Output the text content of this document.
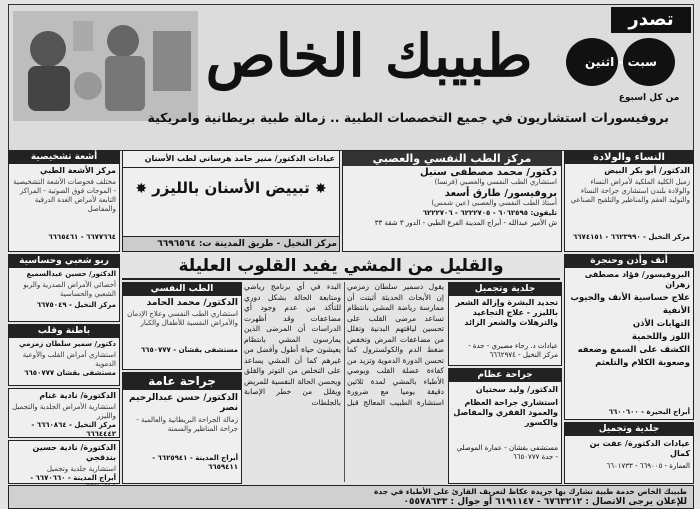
طبيبك الخاص
تصدر
سبت - اثنين
من كل اسبوع
بروفيسورات استشاريون في جميع التخصصات الطبية .. زمالة طبية بريطانية وامريكية
النساء والولادة
الدكتور/ أبو بكر البيض
زميل الكلية الملكية لأمراض النساء والولادة بلندن استشاري جراحة النساء والتوليد العقم والمناظير والتلقيح الصناعي
مركز النخيل - ٦٦٢٣٩٩٠ - ٦٦٧٤١٥١
مركز الطب النفسي والعصبي
دكتور/ محمد مصطفى سنبل
استشاري الطب النفسي والعصبي (فرنسا)
بروفيسور/ طارق أسعد
أستاذ الطب النفسي والعصبي (عين شمس)
تليفون: ٦٠٦٢٥٩٥ - ٦٢٢٢٧٠٥ - ٦٢٢٢٧٠٦
ش الأمير عبدالله - أبراج المدينة الفرع الطبي - الدور ٣ شقة ٣٣
عيادات الدكتور/ منير حامد هرساني لطب الأسنان
✸ تبييض الأسنان بالليزر ✸
مركز النخيل - طريق المدينة ت: ٦٦٩٦٥٦٤
أشعة تشخيصية
مركز الأشعة الطبي
مختلف فحوصات الأشعة التشخيصية - الموجات فوق الصوتية - المراكز التابعة لأمراض الغدة الدرقية والمفاصل
٦٦٧٧٦٦٤ - ٦٦٦٥٤٦١
والقليل من المشي يفيد القلوب العليلة	أنف وأذن وحنجرة
البروفيسور/ فؤاد مصطفى زهران
علاج حساسية الأنف والجيوب الأنفية
التهابات الأذن
اللوز واللحمية
الكشف على السمع وضعفه
وصعوبة الكلام والتلعثم
أبراج البحيرة - ٦٦٠٠٦٠٠
جلدية وتجميل
عيادات الدكتورة/ عفت بن كمال
العمارة - ٦٦٩٠٠٥ - ٦٦٠١٧٣٣
جلدية وتجميل
تجديد البشرة وإزالة الشعر بالليزر - علاج التجاعيد والترهلات والشعر الزائد
عيادات د. رجاء مصيري - جدة - مركز النخيل - ٦٦٦٢٩٧٤
جراحة عظام
الدكتور/ وليد سختيان
استشاري جراحة العظام والعمود الفقري والمفاصل والكسور
مستشفى بقشان - عمارة الموصلي - جدة ٦٦٥٠٧٧٧
يقول دسمير سلطان زمزمي إن الأبحاث الحديثة أثبتت أن ممارسة رياضة المشي بانتظام تساعد مرضى القلب على تحسين لياقتهم البدنية وتقلل من مضاعفات المرض وتخفض ضغط الدم والكولسترول كما تحسن الدورة الدموية وتزيد من كفاءة عضلة القلب ويوصي الأطباء بالمشي لمدة ثلاثين دقيقة يوميا مع ضرورة استشارة الطبيب المعالج قبل البدء في أي برنامج رياضي ومتابعة الحالة بشكل دوري للتأكد من عدم وجود أي مضاعفات وقد أظهرت الدراسات أن المرضى الذين يمارسون المشي بانتظام يعيشون حياة أطول وأفضل من غيرهم كما أن المشي يساعد على التخلص من التوتر والقلق ويحسن الحالة النفسية للمريض ويقلل من خطر الإصابة بالجلطات
الطب النفسي
الدكتور/ محمد الحامد
استشاري الطب النفسي وعلاج الإدمان والأمراض النفسية للأطفال والكبار
مستشفى بقشان - ٦٦٥٠٧٧٧
جراحة عامة
الدكتور/ حسن عبدالرحيم نصر
زمالة الجراحة البريطانية والعالمية - جراحة المناظير والسمنة
أبراج المدينة - ٦٦٢٥٩٤١ - ٦٦٥٩٤١١
ربو شعبي وحساسية
الدكتور/ حسين عبدالسميع
أخصائي الأمراض الصدرية والربو الشعبي والحساسية
مركز النخيل - ٦٦٧٥٠٤٩
باطنة وقلب
دكتور/ سمير سلطان زمزمي
استشاري أمراض القلب والأوعية الدموية
مستشفى بقشان ٦٦٥٠٧٧٧
الدكتورة/ نادية غنام
استشارية الأمراض الجلدية والتجميل والليزر
مركز النخيل - ٦٦٦٠٨٦٤ - ٦٦٦٤٤٤٢
الدكتورة/ نادية حسين بندقجي
استشارية جلدية وتجميل
أبراج المدينة - ٦٦٧٠٦٦٠ -
طبيبك الخاص خدمة طبية تشارك بها جريدة عكاظ لتعريف القارئ على الأطباء في جدة
للإعلان يرجى الاتصال : ٦٧٦٣٢١٢ - ٦١٩١١٤٧ أو جوال : ٠٥٥٧٨٦٣٣
